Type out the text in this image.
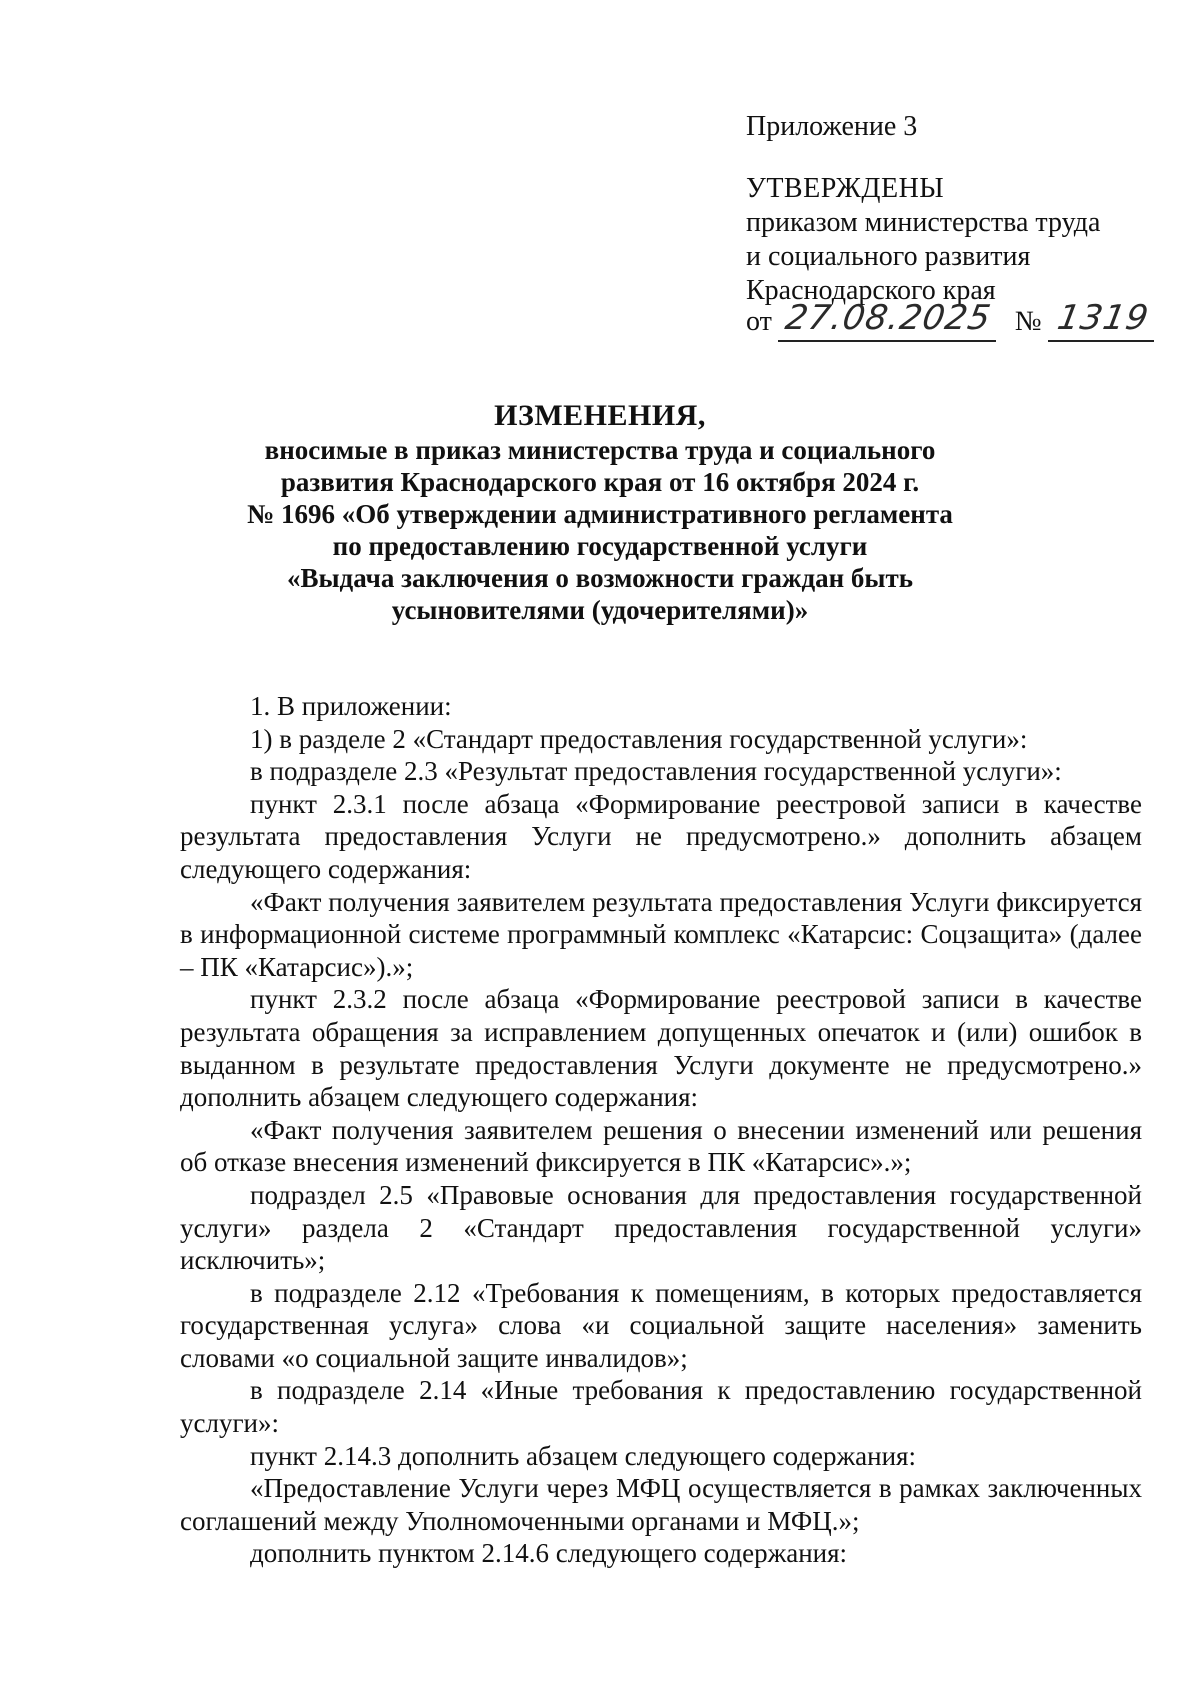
Приложение 3
УТВЕРЖДЕНЫ
приказом министерства труда
и социального развития
Краснодарского края
от 27.08.2025 № 1319
ИЗМЕНЕНИЯ,
вносимые в приказ министерства труда и социального
развития Краснодарского края от 16 октября 2024 г.
№ 1696 «Об утверждении административного регламента
по предоставлению государственной услуги
«Выдача заключения о возможности граждан быть
усыновителями (удочерителями)»

1. В приложении:

1) в разделе 2 «Стандарт предоставления государственной услуги»:

в подразделе 2.3 «Результат предоставления государственной услуги»:

пункт 2.3.1 после абзаца «Формирование реестровой записи в качестве результата предоставления Услуги не предусмотрено.» дополнить абзацем следующего содержания:

«Факт получения заявителем результата предоставления Услуги фиксируется в информационной системе программный комплекс «Катарсис: Соцзащита» (далее – ПК «Катарсис»).»;

пункт 2.3.2 после абзаца «Формирование реестровой записи в качестве результата обращения за исправлением допущенных опечаток и (или) ошибок в выданном в результате предоставления Услуги документе не предусмотрено.» дополнить абзацем следующего содержания:

«Факт получения заявителем решения о внесении изменений или решения об отказе внесения изменений фиксируется в ПК «Катарсис».»;

подраздел 2.5 «Правовые основания для предоставления государственной услуги» раздела 2 «Стандарт предоставления государственной услуги» исключить»;

в подразделе 2.12 «Требования к помещениям, в которых предоставляется государственная услуга» слова «и социальной защите населения» заменить словами «о социальной защите инвалидов»;

в подразделе 2.14 «Иные требования к предоставлению государственной услуги»:

пункт 2.14.3 дополнить абзацем следующего содержания:

«Предоставление Услуги через МФЦ осуществляется в рамках заключенных соглашений между Уполномоченными органами и МФЦ.»;

дополнить пунктом 2.14.6 следующего содержания:
